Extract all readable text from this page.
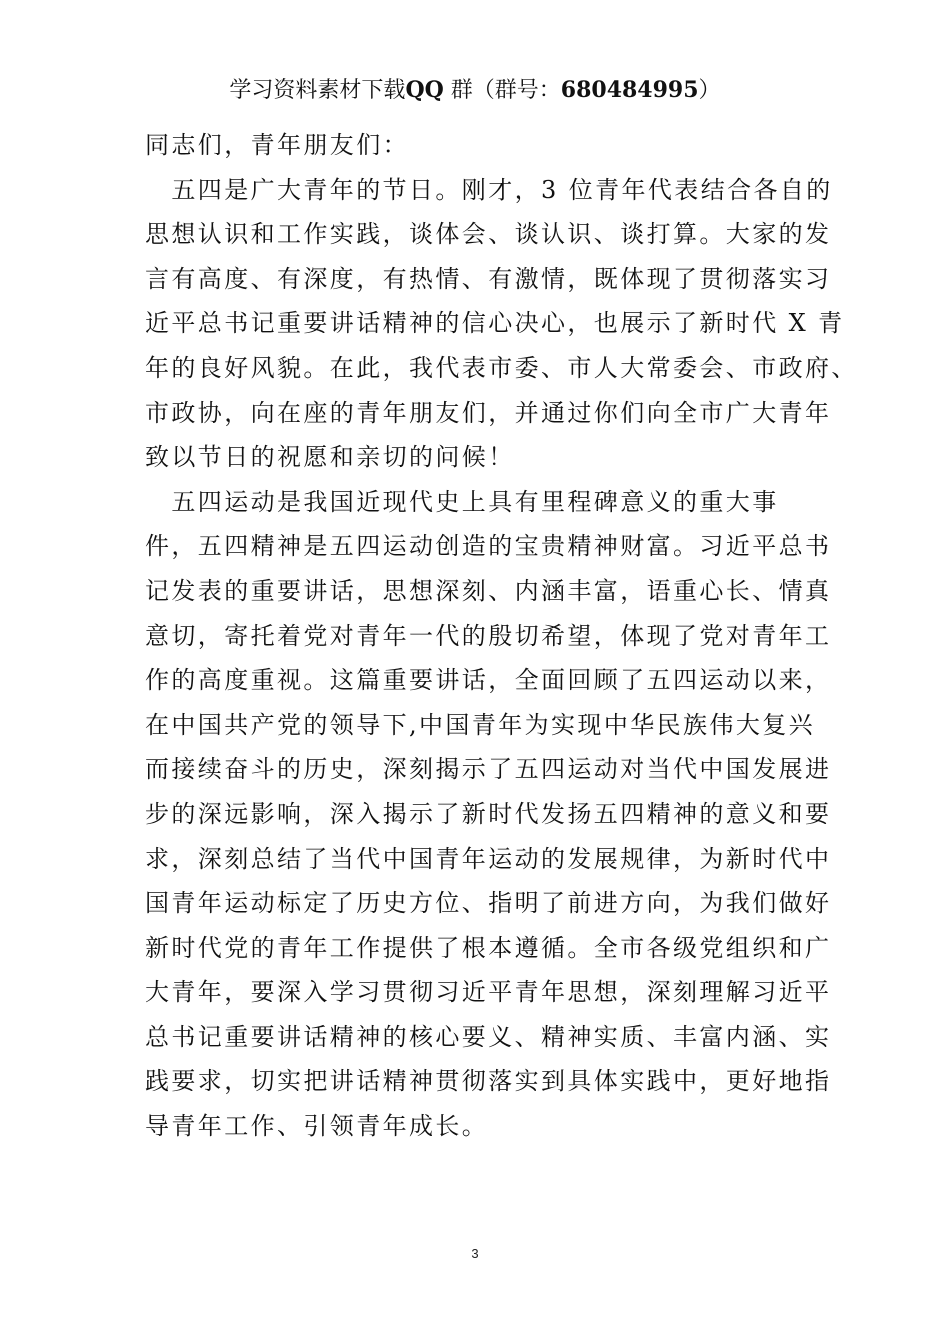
学习资料素材下载QQ 群（群号：680484995）
同志们，青年朋友们：
　五四是广大青年的节日。刚才，3 位青年代表结合各自的
思想认识和工作实践，谈体会、谈认识、谈打算。大家的发
言有高度、有深度，有热情、有激情，既体现了贯彻落实习
近平总书记重要讲话精神的信心决心，也展示了新时代 X 青
年的良好风貌。在此，我代表市委、市人大常委会、市政府、
市政协，向在座的青年朋友们，并通过你们向全市广大青年
致以节日的祝愿和亲切的问候！
　五四运动是我国近现代史上具有里程碑意义的重大事
件，五四精神是五四运动创造的宝贵精神财富。习近平总书
记发表的重要讲话，思想深刻、内涵丰富，语重心长、情真
意切，寄托着党对青年一代的殷切希望，体现了党对青年工
作的高度重视。这篇重要讲话，全面回顾了五四运动以来，
在中国共产党的领导下,中国青年为实现中华民族伟大复兴
而接续奋斗的历史，深刻揭示了五四运动对当代中国发展进
步的深远影响，深入揭示了新时代发扬五四精神的意义和要
求，深刻总结了当代中国青年运动的发展规律，为新时代中
国青年运动标定了历史方位、指明了前进方向，为我们做好
新时代党的青年工作提供了根本遵循。全市各级党组织和广
大青年，要深入学习贯彻习近平青年思想，深刻理解习近平
总书记重要讲话精神的核心要义、精神实质、丰富内涵、实
践要求，切实把讲话精神贯彻落实到具体实践中，更好地指
导青年工作、引领青年成长。
3
